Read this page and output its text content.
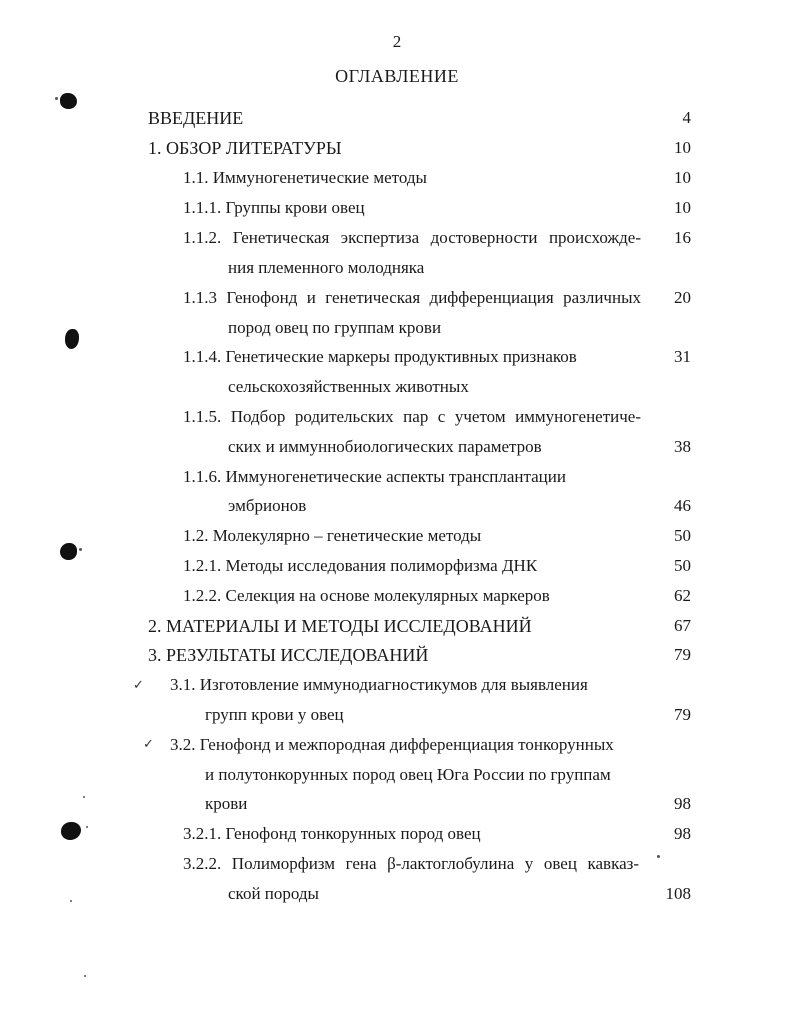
2
ОГЛАВЛЕНИЕ
ВВЕДЕНИЕ	4
1. ОБЗОР ЛИТЕРАТУРЫ	10
1.1. Иммуногенетические методы	10
1.1.1. Группы крови овец	10
1.1.2. Генетическая экспертиза достоверности происхожде-	16
ния племенного молодняка
1.1.3 Генофонд и генетическая дифференциация различных	20
пород овец по группам крови
1.1.4. Генетические маркеры продуктивных признаков	31
сельскохозяйственных животных
1.1.5. Подбор родительских пар с учетом иммуногенетиче-
ских и иммуннобиологических параметров	38
1.1.6. Иммуногенетические аспекты трансплантации
эмбрионов	46
1.2. Молекулярно – генетические методы	50
1.2.1. Методы исследования полиморфизма ДНК	50
1.2.2. Селекция на основе молекулярных маркеров	62
2. МАТЕРИАЛЫ И МЕТОДЫ ИССЛЕДОВАНИЙ	67
3. РЕЗУЛЬТАТЫ ИССЛЕДОВАНИЙ	79
3.1. Изготовление иммунодиагностикумов для выявления
групп крови у овец	79
3.2. Генофонд и межпородная дифференциация тонкорунных
и полутонкорунных пород овец Юга России по группам
крови	98
3.2.1. Генофонд тонкорунных пород овец	98
3.2.2. Полиморфизм гена β-лактоглобулина у овец кавказ-
ской породы	108
✓
✓
